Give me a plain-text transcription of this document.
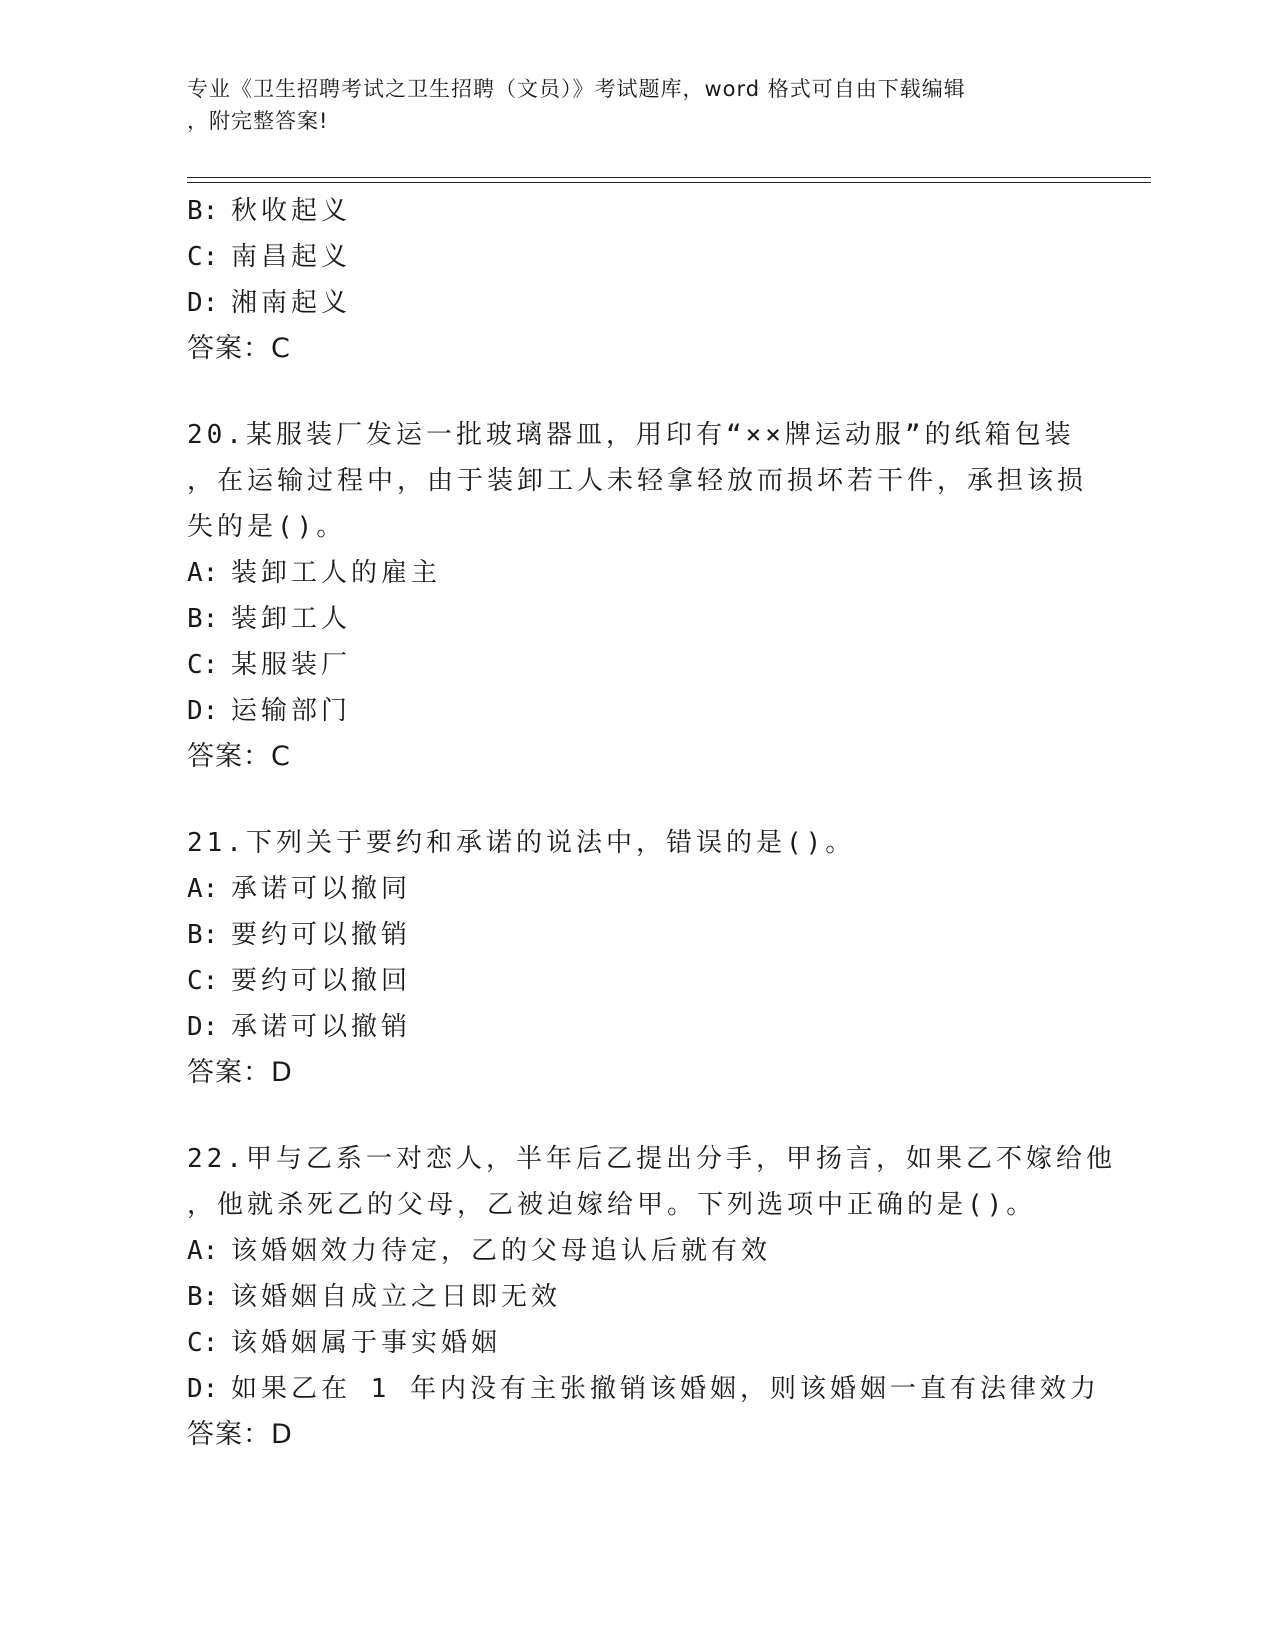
专业《卫生招聘考试之卫生招聘（文员）》考试题库，word 格式可自由下载编辑
，附完整答案!
B: 秋收起义
C: 南昌起义
D: 湘南起义
答案：C
20.某服装厂发运一批玻璃器皿，用印有“××牌运动服”的纸箱包装
，在运输过程中，由于装卸工人未轻拿轻放而损坏若干件，承担该损
失的是()。
A: 装卸工人的雇主
B: 装卸工人
C: 某服装厂
D: 运输部门
答案：C
21.下列关于要约和承诺的说法中，错误的是()。
A: 承诺可以撤同
B: 要约可以撤销
C: 要约可以撤回
D: 承诺可以撤销
答案：D
22.甲与乙系一对恋人，半年后乙提出分手，甲扬言，如果乙不嫁给他
，他就杀死乙的父母，乙被迫嫁给甲。下列选项中正确的是()。
A: 该婚姻效力待定，乙的父母追认后就有效
B: 该婚姻自成立之日即无效
C: 该婚姻属于事实婚姻
D: 如果乙在 1 年内没有主张撤销该婚姻，则该婚姻一直有法律效力
答案：D
